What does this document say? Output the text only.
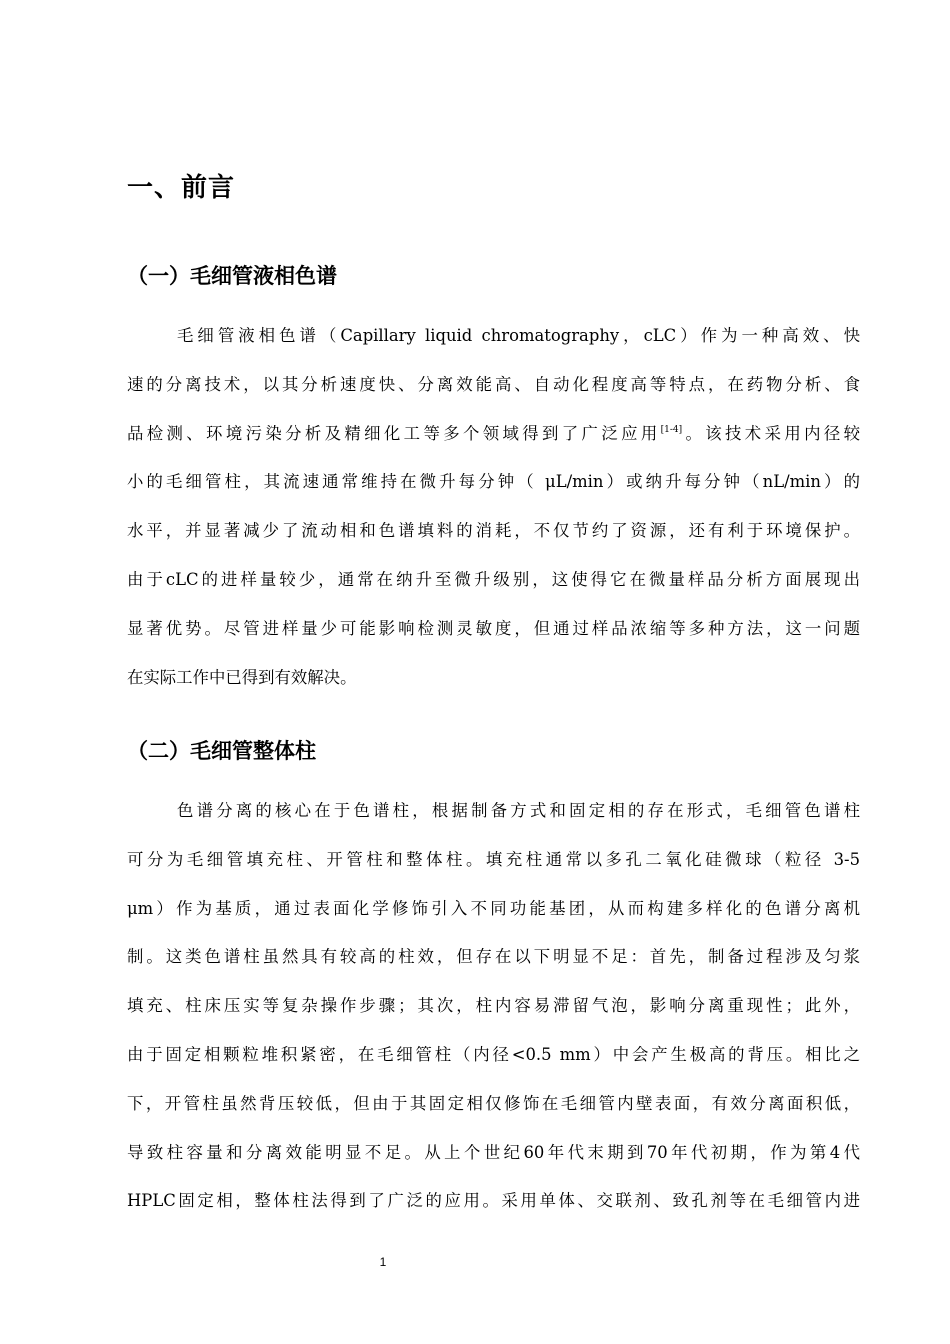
一、前言
（一）毛细管液相色谱
毛细管液相色谱（Capillary liquid chromatography，cLC）作为一种高效、快
速的分离技术，以其分析速度快、分离效能高、自动化程度高等特点，在药物分析、食
品检测、环境污染分析及精细化工等多个领域得到了广泛应用[1-4]。该技术采用内径较
小的毛细管柱，其流速通常维持在微升每分钟（ μL/min）或纳升每分钟（nL/min）的
水平，并显著减少了流动相和色谱填料的消耗，不仅节约了资源，还有利于环境保护。
由于cLC的进样量较少，通常在纳升至微升级别，这使得它在微量样品分析方面展现出
显著优势。尽管进样量少可能影响检测灵敏度，但通过样品浓缩等多种方法，这一问题
在实际工作中已得到有效解决。
（二）毛细管整体柱
色谱分离的核心在于色谱柱，根据制备方式和固定相的存在形式，毛细管色谱柱
可分为毛细管填充柱、开管柱和整体柱。填充柱通常以多孔二氧化硅微球（粒径 3-5
μm）作为基质，通过表面化学修饰引入不同功能基团，从而构建多样化的色谱分离机
制。这类色谱柱虽然具有较高的柱效，但存在以下明显不足：首先，制备过程涉及匀浆
填充、柱床压实等复杂操作步骤；其次，柱内容易滞留气泡，影响分离重现性；此外，
由于固定相颗粒堆积紧密，在毛细管柱（内径<0.5 mm）中会产生极高的背压。相比之
下，开管柱虽然背压较低，但由于其固定相仅修饰在毛细管内壁表面，有效分离面积低，
导致柱容量和分离效能明显不足。从上个世纪60年代末期到70年代初期，作为第4代
HPLC固定相，整体柱法得到了广泛的应用。采用单体、交联剂、致孔剂等在毛细管内进
1
